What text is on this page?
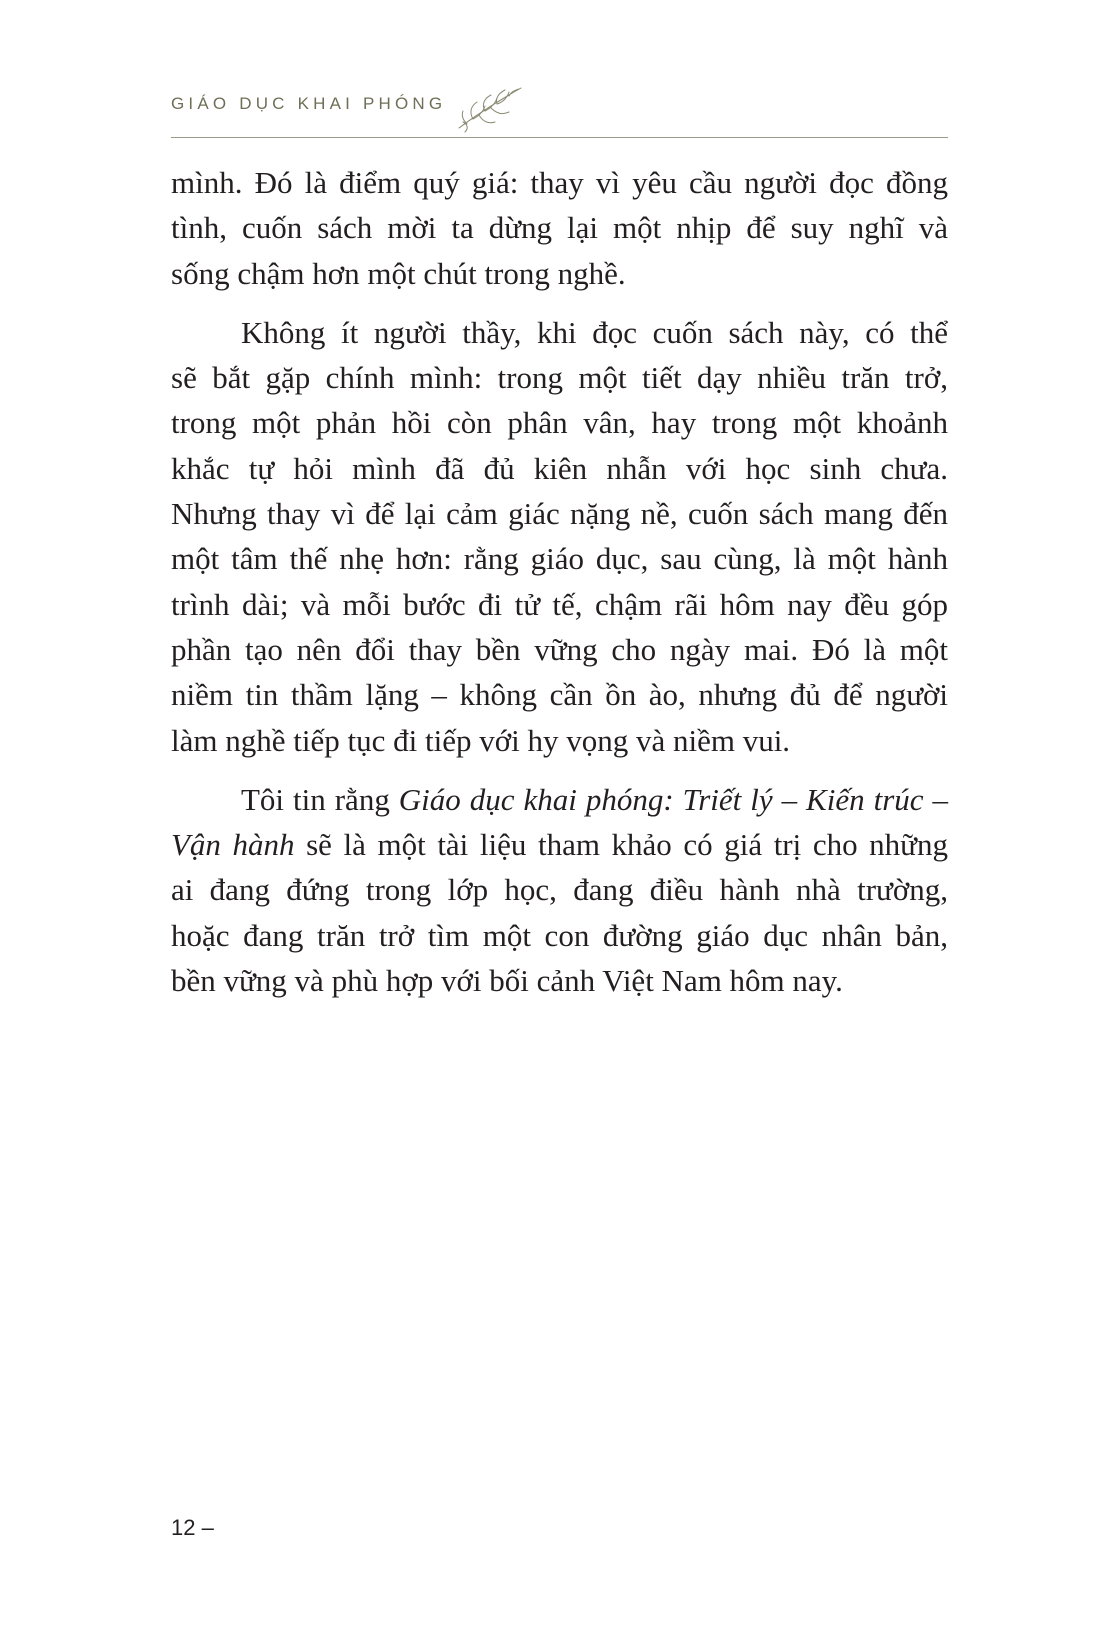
GIÁO DỤC KHAI PHÓNG

mình. Đó là điểm quý giá: thay vì yêu cầu người đọc đồng
tình, cuốn sách mời ta dừng lại một nhịp để suy nghĩ và
sống chậm hơn một chút trong nghề.

Không ít người thầy, khi đọc cuốn sách này, có thể
sẽ bắt gặp chính mình: trong một tiết dạy nhiều trăn trở,
trong một phản hồi còn phân vân, hay trong một khoảnh
khắc tự hỏi mình đã đủ kiên nhẫn với học sinh chưa.
Nhưng thay vì để lại cảm giác nặng nề, cuốn sách mang đến
một tâm thế nhẹ hơn: rằng giáo dục, sau cùng, là một hành
trình dài; và mỗi bước đi tử tế, chậm rãi hôm nay đều góp
phần tạo nên đổi thay bền vững cho ngày mai. Đó là một
niềm tin thầm lặng – không cần ồn ào, nhưng đủ để người
làm nghề tiếp tục đi tiếp với hy vọng và niềm vui.

Tôi tin rằng Giáo dục khai phóng: Triết lý – Kiến trúc –
Vận hành sẽ là một tài liệu tham khảo có giá trị cho những
ai đang đứng trong lớp học, đang điều hành nhà trường,
hoặc đang trăn trở tìm một con đường giáo dục nhân bản,
bền vững và phù hợp với bối cảnh Việt Nam hôm nay.

12 –
